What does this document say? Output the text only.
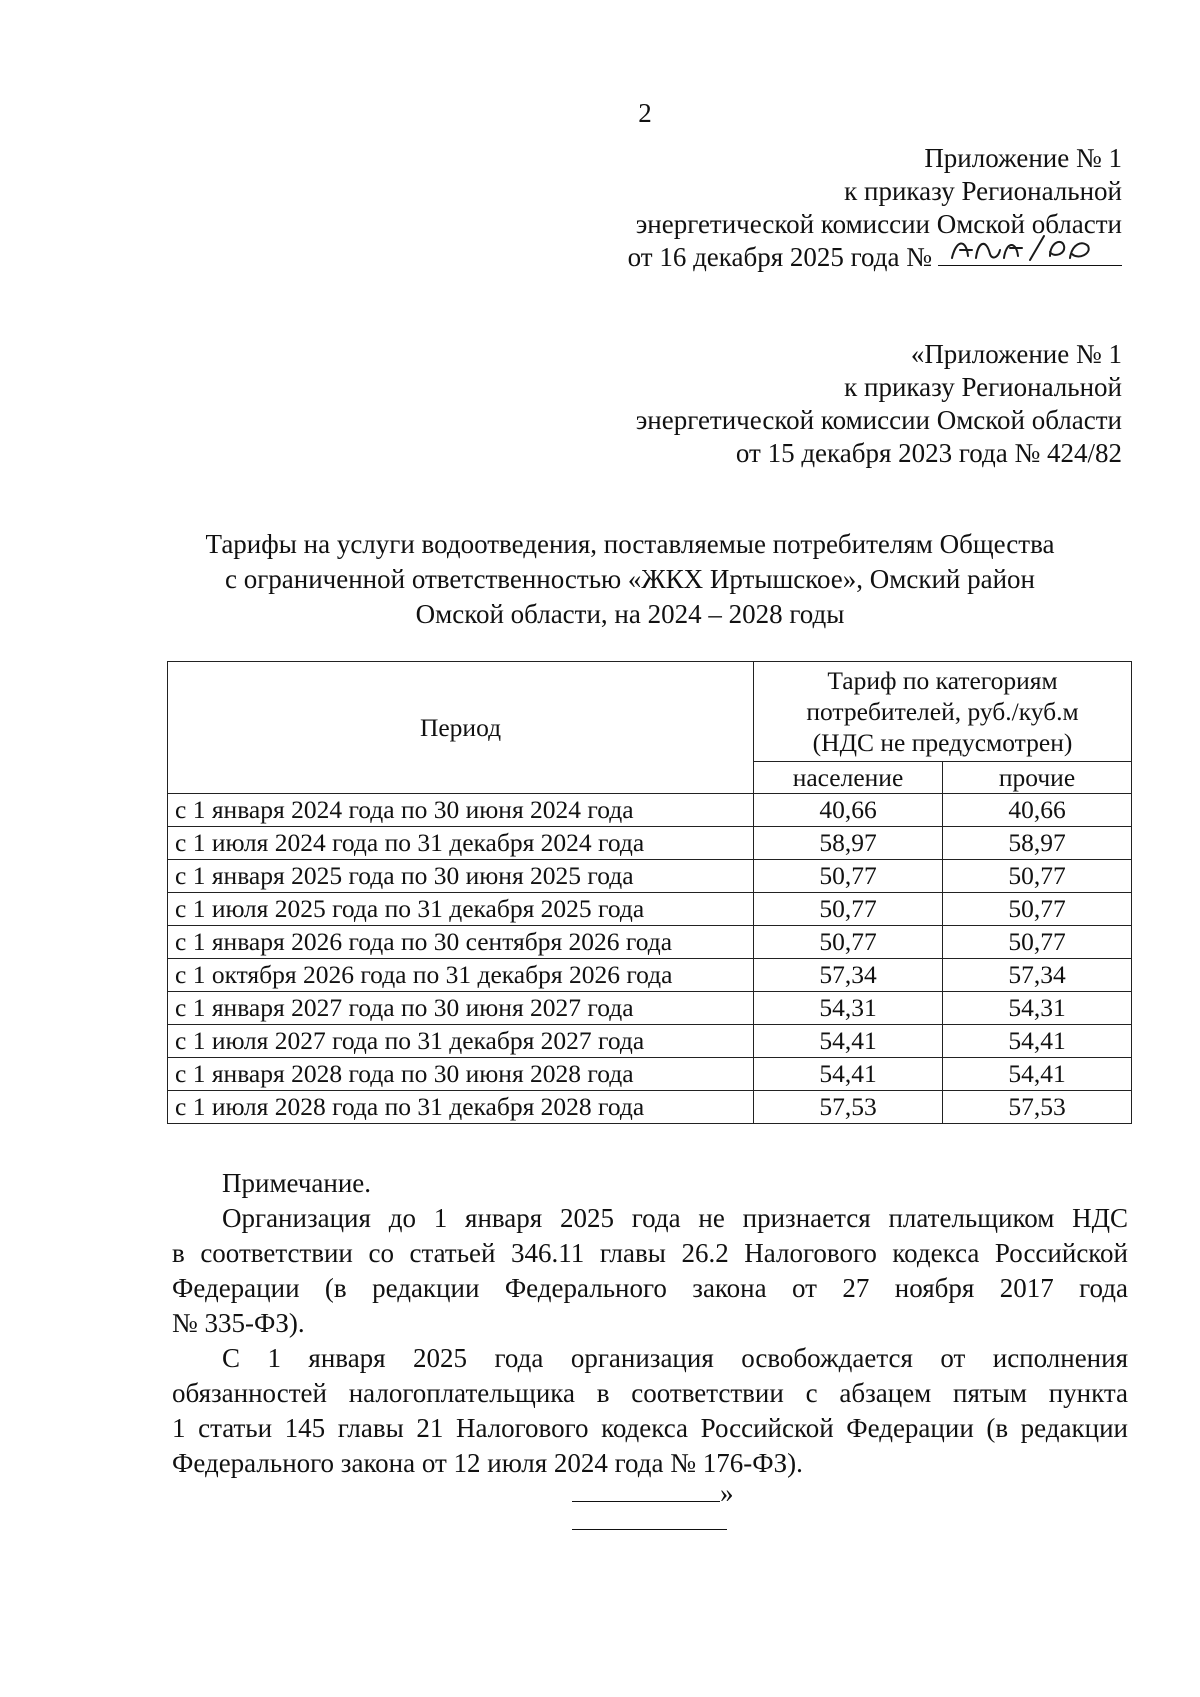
2
Приложение № 1
к приказу Региональной
энергетической комиссии Омской области
от 16 декабря 2025 года №
«Приложение № 1
к приказу Региональной
энергетической комиссии Омской области
от 15 декабря 2023 года № 424/82
Тарифы на услуги водоотведения, поставляемые потребителям Общества
с ограниченной ответственностью «ЖКХ Иртышское», Омский район
Омской области, на 2024 – 2028 годы
Период	Тариф по категориям
потребителей, руб./куб.м
(НДС не предусмотрен)	

	население	прочие
с 1 января 2024 года по 30 июня 2024 года	40,66	40,66
с 1 июля 2024 года по 31 декабря 2024 года	58,97	58,97
с 1 января 2025 года по 30 июня 2025 года	50,77	50,77
с 1 июля 2025 года по 31 декабря 2025 года	50,77	50,77
с 1 января 2026 года по 30 сентября 2026 года	50,77	50,77
с 1 октября 2026 года по 31 декабря 2026 года	57,34	57,34
с 1 января 2027 года по 30 июня 2027 года	54,31	54,31
с 1 июля 2027 года по 31 декабря 2027 года	54,41	54,41
с 1 января 2028 года по 30 июня 2028 года	54,41	54,41
с 1 июля 2028 года по 31 декабря 2028 года	57,53	57,53
Примечание.
Организация до 1 января 2025 года не признается плательщиком НДС
в соответствии со статьей 346.11 главы 26.2 Налогового кодекса Российской
Федерации (в редакции Федерального закона от 27 ноября 2017 года
№ 335-ФЗ).
С 1 января 2025 года организация освобождается от исполнения
обязанностей налогоплательщика в соответствии с абзацем пятым пункта
1 статьи 145 главы 21 Налогового кодекса Российской Федерации (в редакции
Федерального закона от 12 июля 2024 года № 176-ФЗ).
»
